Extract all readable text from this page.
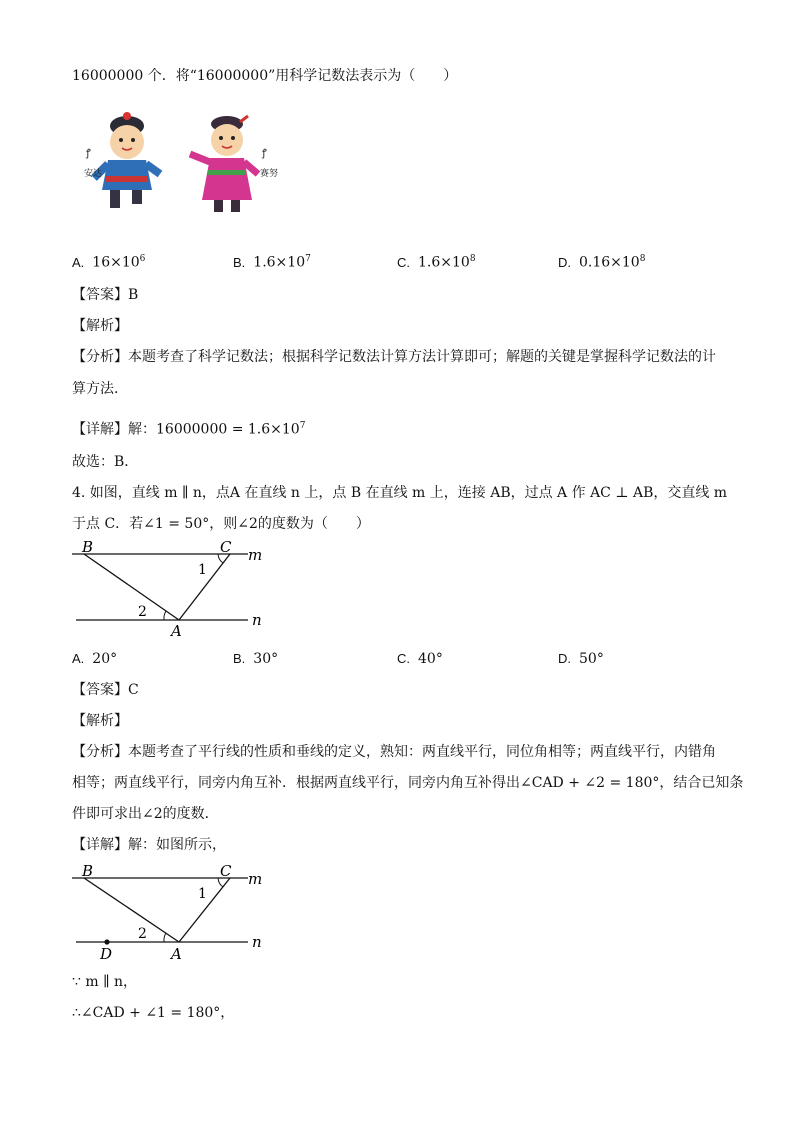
16000000 个．将“16000000”用科学记数法表示为（　　）
ꝭ
安达
ꝭ
赛努
A. $16\times 10^6$	B. $1.6\times 10^7$	C. $1.6\times 10^8$	D. $0.16\times 10^8$
【答案】B
【解析】
【分析】本题考查了科学记数法；根据科学记数法计算方法计算即可；解题的关键是掌握科学记数法的计
算方法．
【详解】解：$16000000 = 1.6\times 10^7$
故选：B．
4. 如图，直线 m ∥ n，点A 在直线 n 上，点 B 在直线 m 上，连接 AB，过点 A 作 AC ⊥ AB，交直线 m
于点 C．若∠1 = 50°，则∠2的度数为（　　）
B	C m
n
A
1
2
A. 20°	B. 30°	C. 40°	D. 50°
【答案】C
【解析】
【分析】本题考查了平行线的性质和垂线的定义，熟知：两直线平行，同位角相等；两直线平行，内错角
相等；两直线平行，同旁内角互补．根据两直线平行，同旁内角互补得出∠CAD + ∠2 = 180°，结合已知条
件即可求出∠2的度数．
【详解】解：如图所示，
B	C m
n
A
D
1
2
∵ m ∥ n，
∴∠CAD + ∠1 = 180°，
